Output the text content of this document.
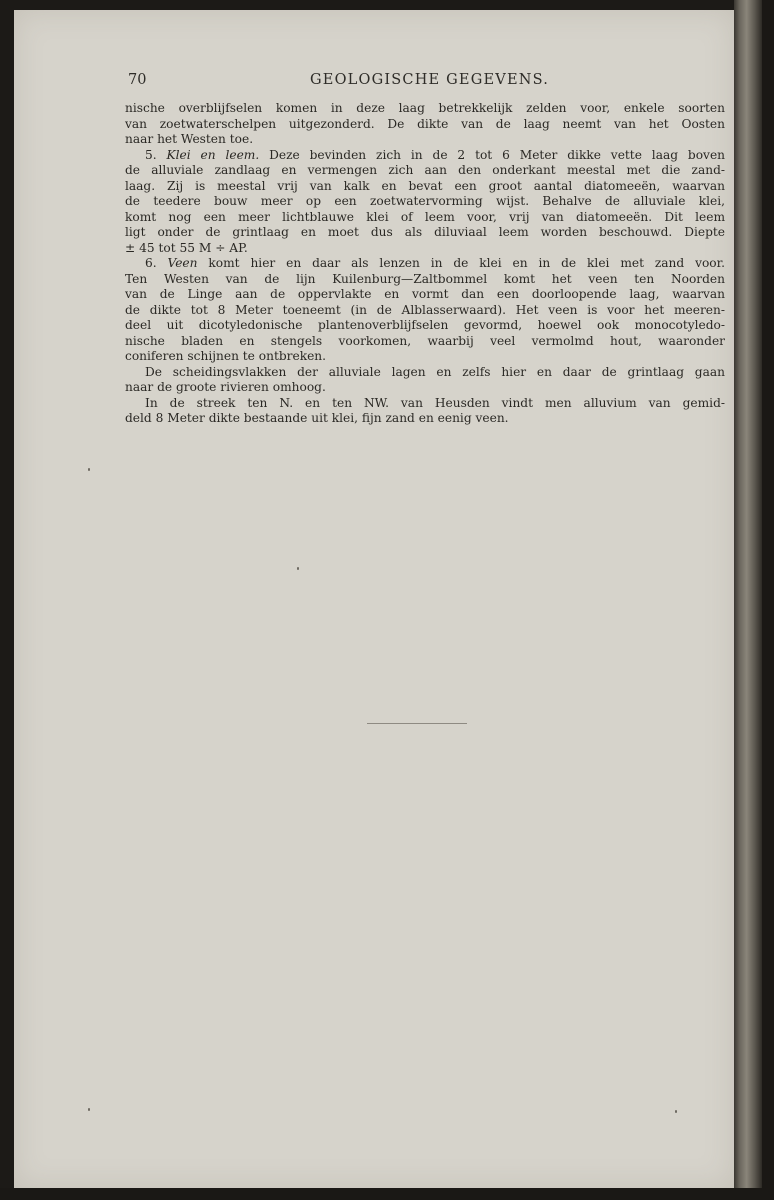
70	GEOLOGISCHE GEGEVENS.
nische overblijfselen komen in deze laag betrekkelijk zelden voor, enkele soorten
van zoetwaterschelpen uitgezonderd. De dikte van de laag neemt van het Oosten
naar het Westen toe.
5. Klei en leem. Deze bevinden zich in de 2 tot 6 Meter dikke vette laag boven
de alluviale zandlaag en vermengen zich aan den onderkant meestal met die zand-
laag. Zij is meestal vrij van kalk en bevat een groot aantal diatomeeën, waarvan
de teedere bouw meer op een zoetwatervorming wijst. Behalve de alluviale klei,
komt nog een meer lichtblauwe klei of leem voor, vrij van diatomeeën. Dit leem
ligt onder de grintlaag en moet dus als diluviaal leem worden beschouwd. Diepte
± 45 tot 55 M ÷ AP.
6. Veen komt hier en daar als lenzen in de klei en in de klei met zand voor.
Ten Westen van de lijn Kuilenburg—Zaltbommel komt het veen ten Noorden
van de Linge aan de oppervlakte en vormt dan een doorloopende laag, waarvan
de dikte tot 8 Meter toeneemt (in de Alblasserwaard). Het veen is voor het meeren-
deel uit dicotyledonische plantenoverblijfselen gevormd, hoewel ook monocotyledo-
nische bladen en stengels voorkomen, waarbij veel vermolmd hout, waaronder
coniferen schijnen te ontbreken.
De scheidingsvlakken der alluviale lagen en zelfs hier en daar de grintlaag gaan
naar de groote rivieren omhoog.
In de streek ten N. en ten NW. van Heusden vindt men alluvium van gemid-
deld 8 Meter dikte bestaande uit klei, fijn zand en eenig veen.
